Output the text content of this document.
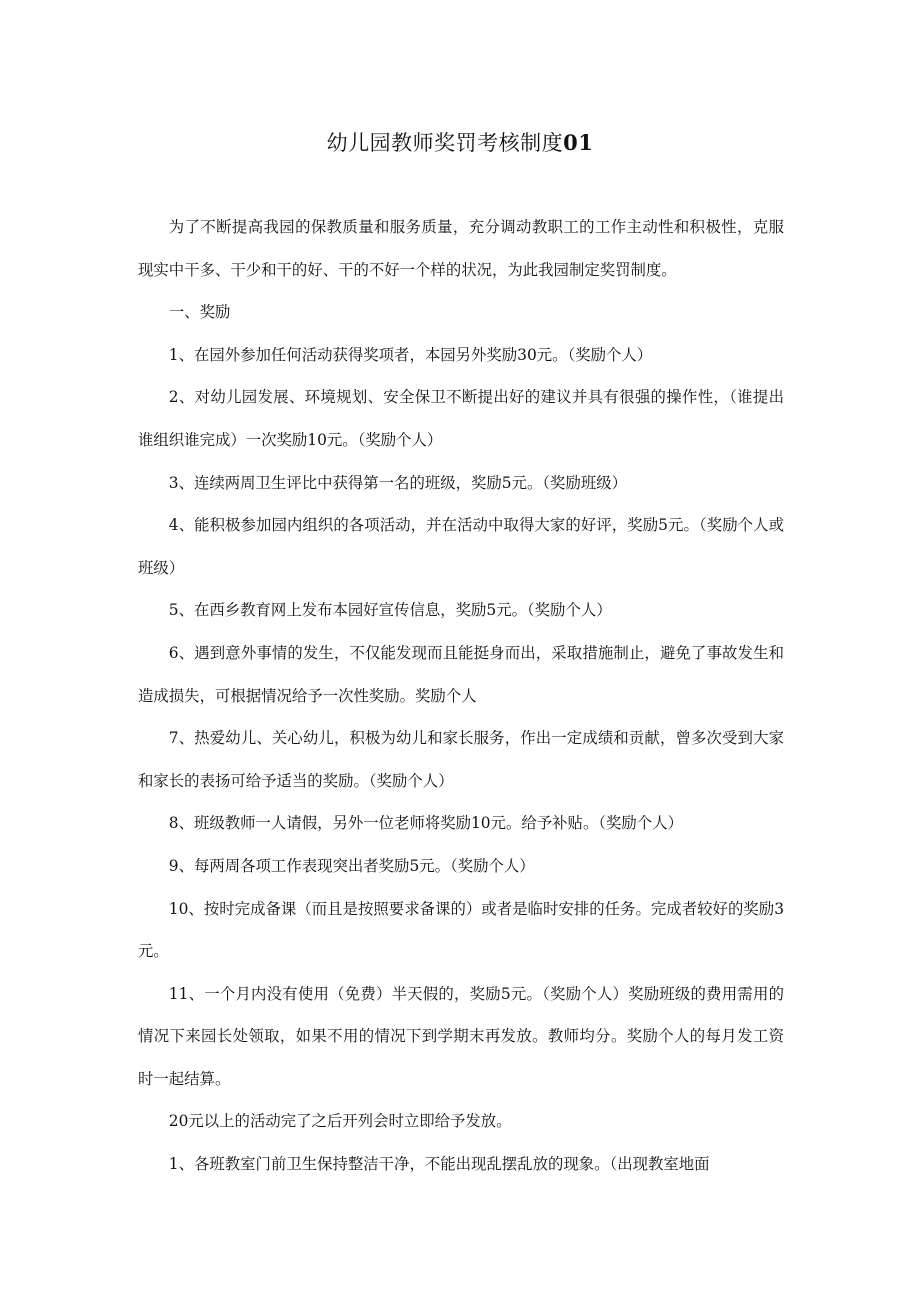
幼儿园教师奖罚考核制度01

为了不断提高我园的保教质量和服务质量，充分调动教职工的工作主动性和积极性，克服现实中干多、干少和干的好、干的不好一个样的状况，为此我园制定奖罚制度。

一、奖励

1、在园外参加任何活动获得奖项者，本园另外奖励30元。（奖励个人）

2、对幼儿园发展、环境规划、安全保卫不断提出好的建议并具有很强的操作性，（谁提出谁组织谁完成）一次奖励10元。（奖励个人）

3、连续两周卫生评比中获得第一名的班级，奖励5元。（奖励班级）

4、能积极参加园内组织的各项活动，并在活动中取得大家的好评，奖励5元。（奖励个人或班级）

5、在西乡教育网上发布本园好宣传信息，奖励5元。（奖励个人）

6、遇到意外事情的发生，不仅能发现而且能挺身而出，采取措施制止，避免了事故发生和造成损失，可根据情况给予一次性奖励。奖励个人

7、热爱幼儿、关心幼儿，积极为幼儿和家长服务，作出一定成绩和贡献，曾多次受到大家和家长的表扬可给予适当的奖励。（奖励个人）

8、班级教师一人请假，另外一位老师将奖励10元。给予补贴。（奖励个人）

9、每两周各项工作表现突出者奖励5元。（奖励个人）

10、按时完成备课（而且是按照要求备课的）或者是临时安排的任务。完成者较好的奖励3元。

11、一个月内没有使用（免费）半天假的，奖励5元。（奖励个人）奖励班级的费用需用的情况下来园长处领取，如果不用的情况下到学期末再发放。教师均分。奖励个人的每月发工资时一起结算。

20元以上的活动完了之后开列会时立即给予发放。

1、各班教室门前卫生保持整洁干净，不能出现乱摆乱放的现象。（出现教室地面
